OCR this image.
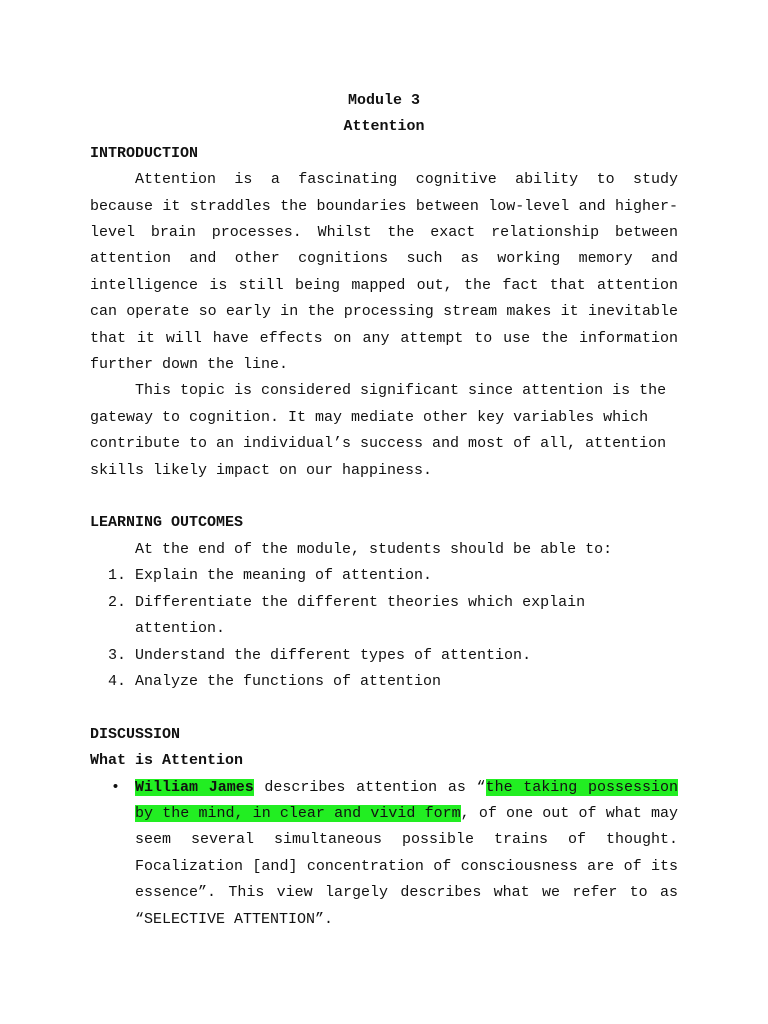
Module 3
Attention
INTRODUCTION
Attention is a fascinating cognitive ability to study because it straddles the boundaries between low-level and higher-level brain processes. Whilst the exact relationship between attention and other cognitions such as working memory and intelligence is still being mapped out, the fact that attention can operate so early in the processing stream makes it inevitable that it will have effects on any attempt to use the information further down the line.
This topic is considered significant since attention is the gateway to cognition. It may mediate other key variables which contribute to an individual’s success and most of all, attention skills likely impact on our happiness.
LEARNING OUTCOMES
At the end of the module, students should be able to:
1. Explain the meaning of attention.
2. Differentiate the different theories which explain attention.
3. Understand the different types of attention.
4. Analyze the functions of attention
DISCUSSION
What is Attention
• William James describes attention as “the taking possession by the mind, in clear and vivid form, of one out of what may seem several simultaneous possible trains of thought. Focalization [and] concentration of consciousness are of its essence”. This view largely describes what we refer to as “SELECTIVE ATTENTION”.
